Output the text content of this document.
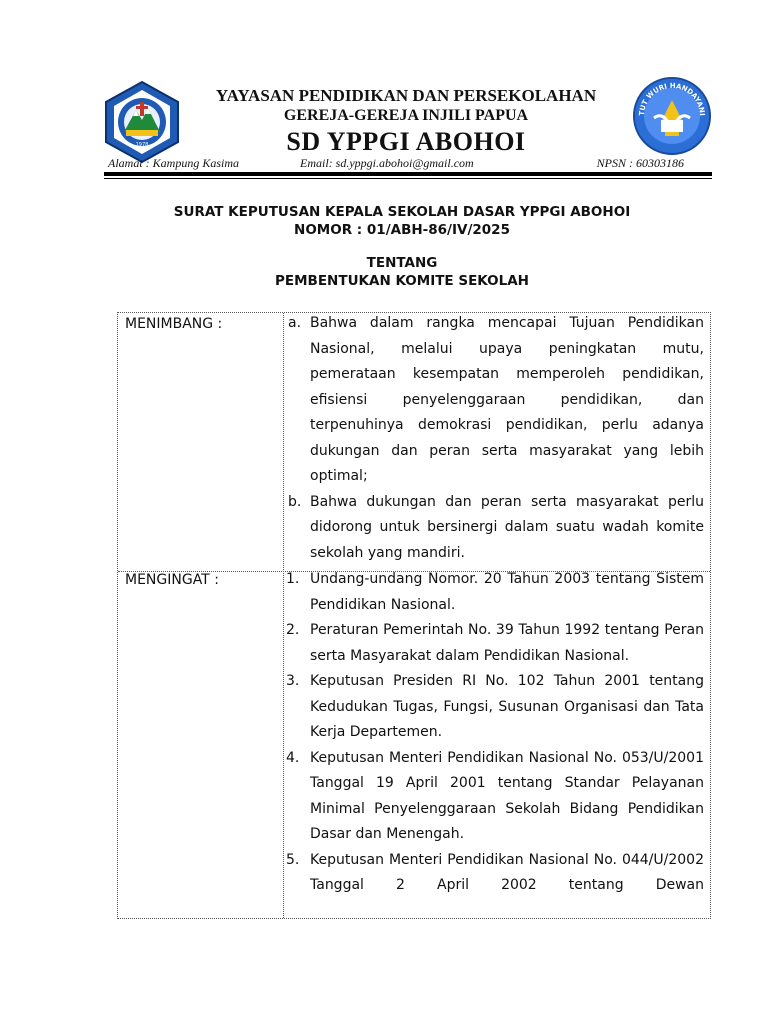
1978
YAYASAN PENDIDIKAN DAN PERSEKOLAHAN
GEREJA-GEREJA INJILI PAPUA
SD YPPGI ABOHOI
TUT WURI HANDAYANI
Alamat : Kampung Kasima	Email: sd.yppgi.abohoi@gmail.com	NPSN : 60303186
SURAT KEPUTUSAN KEPALA SEKOLAH DASAR YPPGI ABOHOI
NOMOR : 01/ABH-86/IV/2025
TENTANG
PEMBENTUKAN KOMITE SEKOLAH
MENIMBANG :	a. Bahwa dalam rangka mencapai Tujuan Pendidikan Nasional, melalui upaya peningkatan mutu, pemerataan kesempatan memperoleh pendidikan, efisiensi penyelenggaraan pendidikan, dan terpenuhinya demokrasi pendidikan, perlu adanya dukungan dan peran serta masyarakat yang lebih optimal;
b. Bahwa dukungan dan peran serta masyarakat perlu didorong untuk bersinergi dalam suatu wadah komite sekolah yang mandiri.
MENGINGAT :	1. Undang-undang Nomor. 20 Tahun 2003 tentang Sistem Pendidikan Nasional.
2. Peraturan Pemerintah No. 39 Tahun 1992 tentang Peran serta Masyarakat dalam Pendidikan Nasional.
3. Keputusan Presiden RI No. 102 Tahun 2001 tentang Kedudukan Tugas, Fungsi, Susunan Organisasi dan Tata Kerja Departemen.
4. Keputusan Menteri Pendidikan Nasional No. 053/U/2001 Tanggal 19 April 2001 tentang Standar Pelayanan Minimal Penyelenggaraan Sekolah Bidang Pendidikan Dasar dan Menengah.
5. Keputusan Menteri Pendidikan Nasional No. 044/U/2002 Tanggal 2 April 2002 tentang Dewan
